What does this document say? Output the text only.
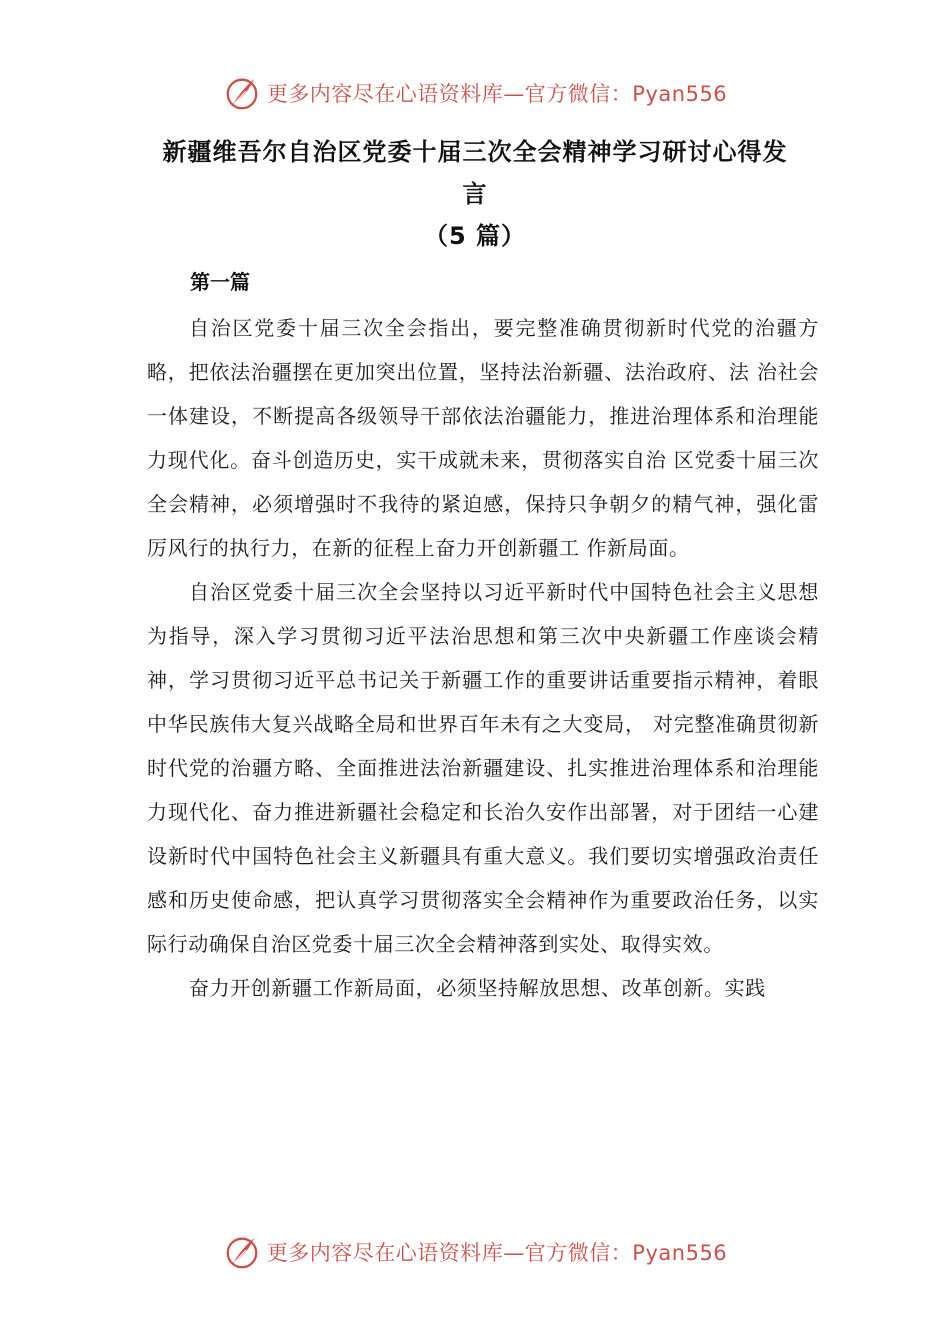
更多内容尽在心语资料库—官方微信：Pyan556
新疆维吾尔自治区党委十届三次全会精神学习研讨心得发
言
（5 篇）
第一篇

自治区党委十届三次全会指出，要完整准确贯彻新时代党的治疆方略，把依法治疆摆在更加突出位置，坚持法治新疆、法治政府、法 治社会一体建设，不断提高各级领导干部依法治疆能力，推进治理体系和治理能力现代化。奋斗创造历史，实干成就未来，贯彻落实自治 区党委十届三次全会精神，必须增强时不我待的紧迫感，保持只争朝夕的精气神，强化雷厉风行的执行力，在新的征程上奋力开创新疆工 作新局面。

自治区党委十届三次全会坚持以习近平新时代中国特色社会主义思想为指导，深入学习贯彻习近平法治思想和第三次中央新疆工作座谈会精神，学习贯彻习近平总书记关于新疆工作的重要讲话重要指示精神，着眼中华民族伟大复兴战略全局和世界百年未有之大变局， 对完整准确贯彻新时代党的治疆方略、全面推进法治新疆建设、扎实推进治理体系和治理能力现代化、奋力推进新疆社会稳定和长治久安作出部署，对于团结一心建设新时代中国特色社会主义新疆具有重大意义。我们要切实增强政治责任感和历史使命感，把认真学习贯彻落实全会精神作为重要政治任务，以实际行动确保自治区党委十届三次全会精神落到实处、取得实效。

奋力开创新疆工作新局面，必须坚持解放思想、改革创新。实践

更多内容尽在心语资料库—官方微信：Pyan556
